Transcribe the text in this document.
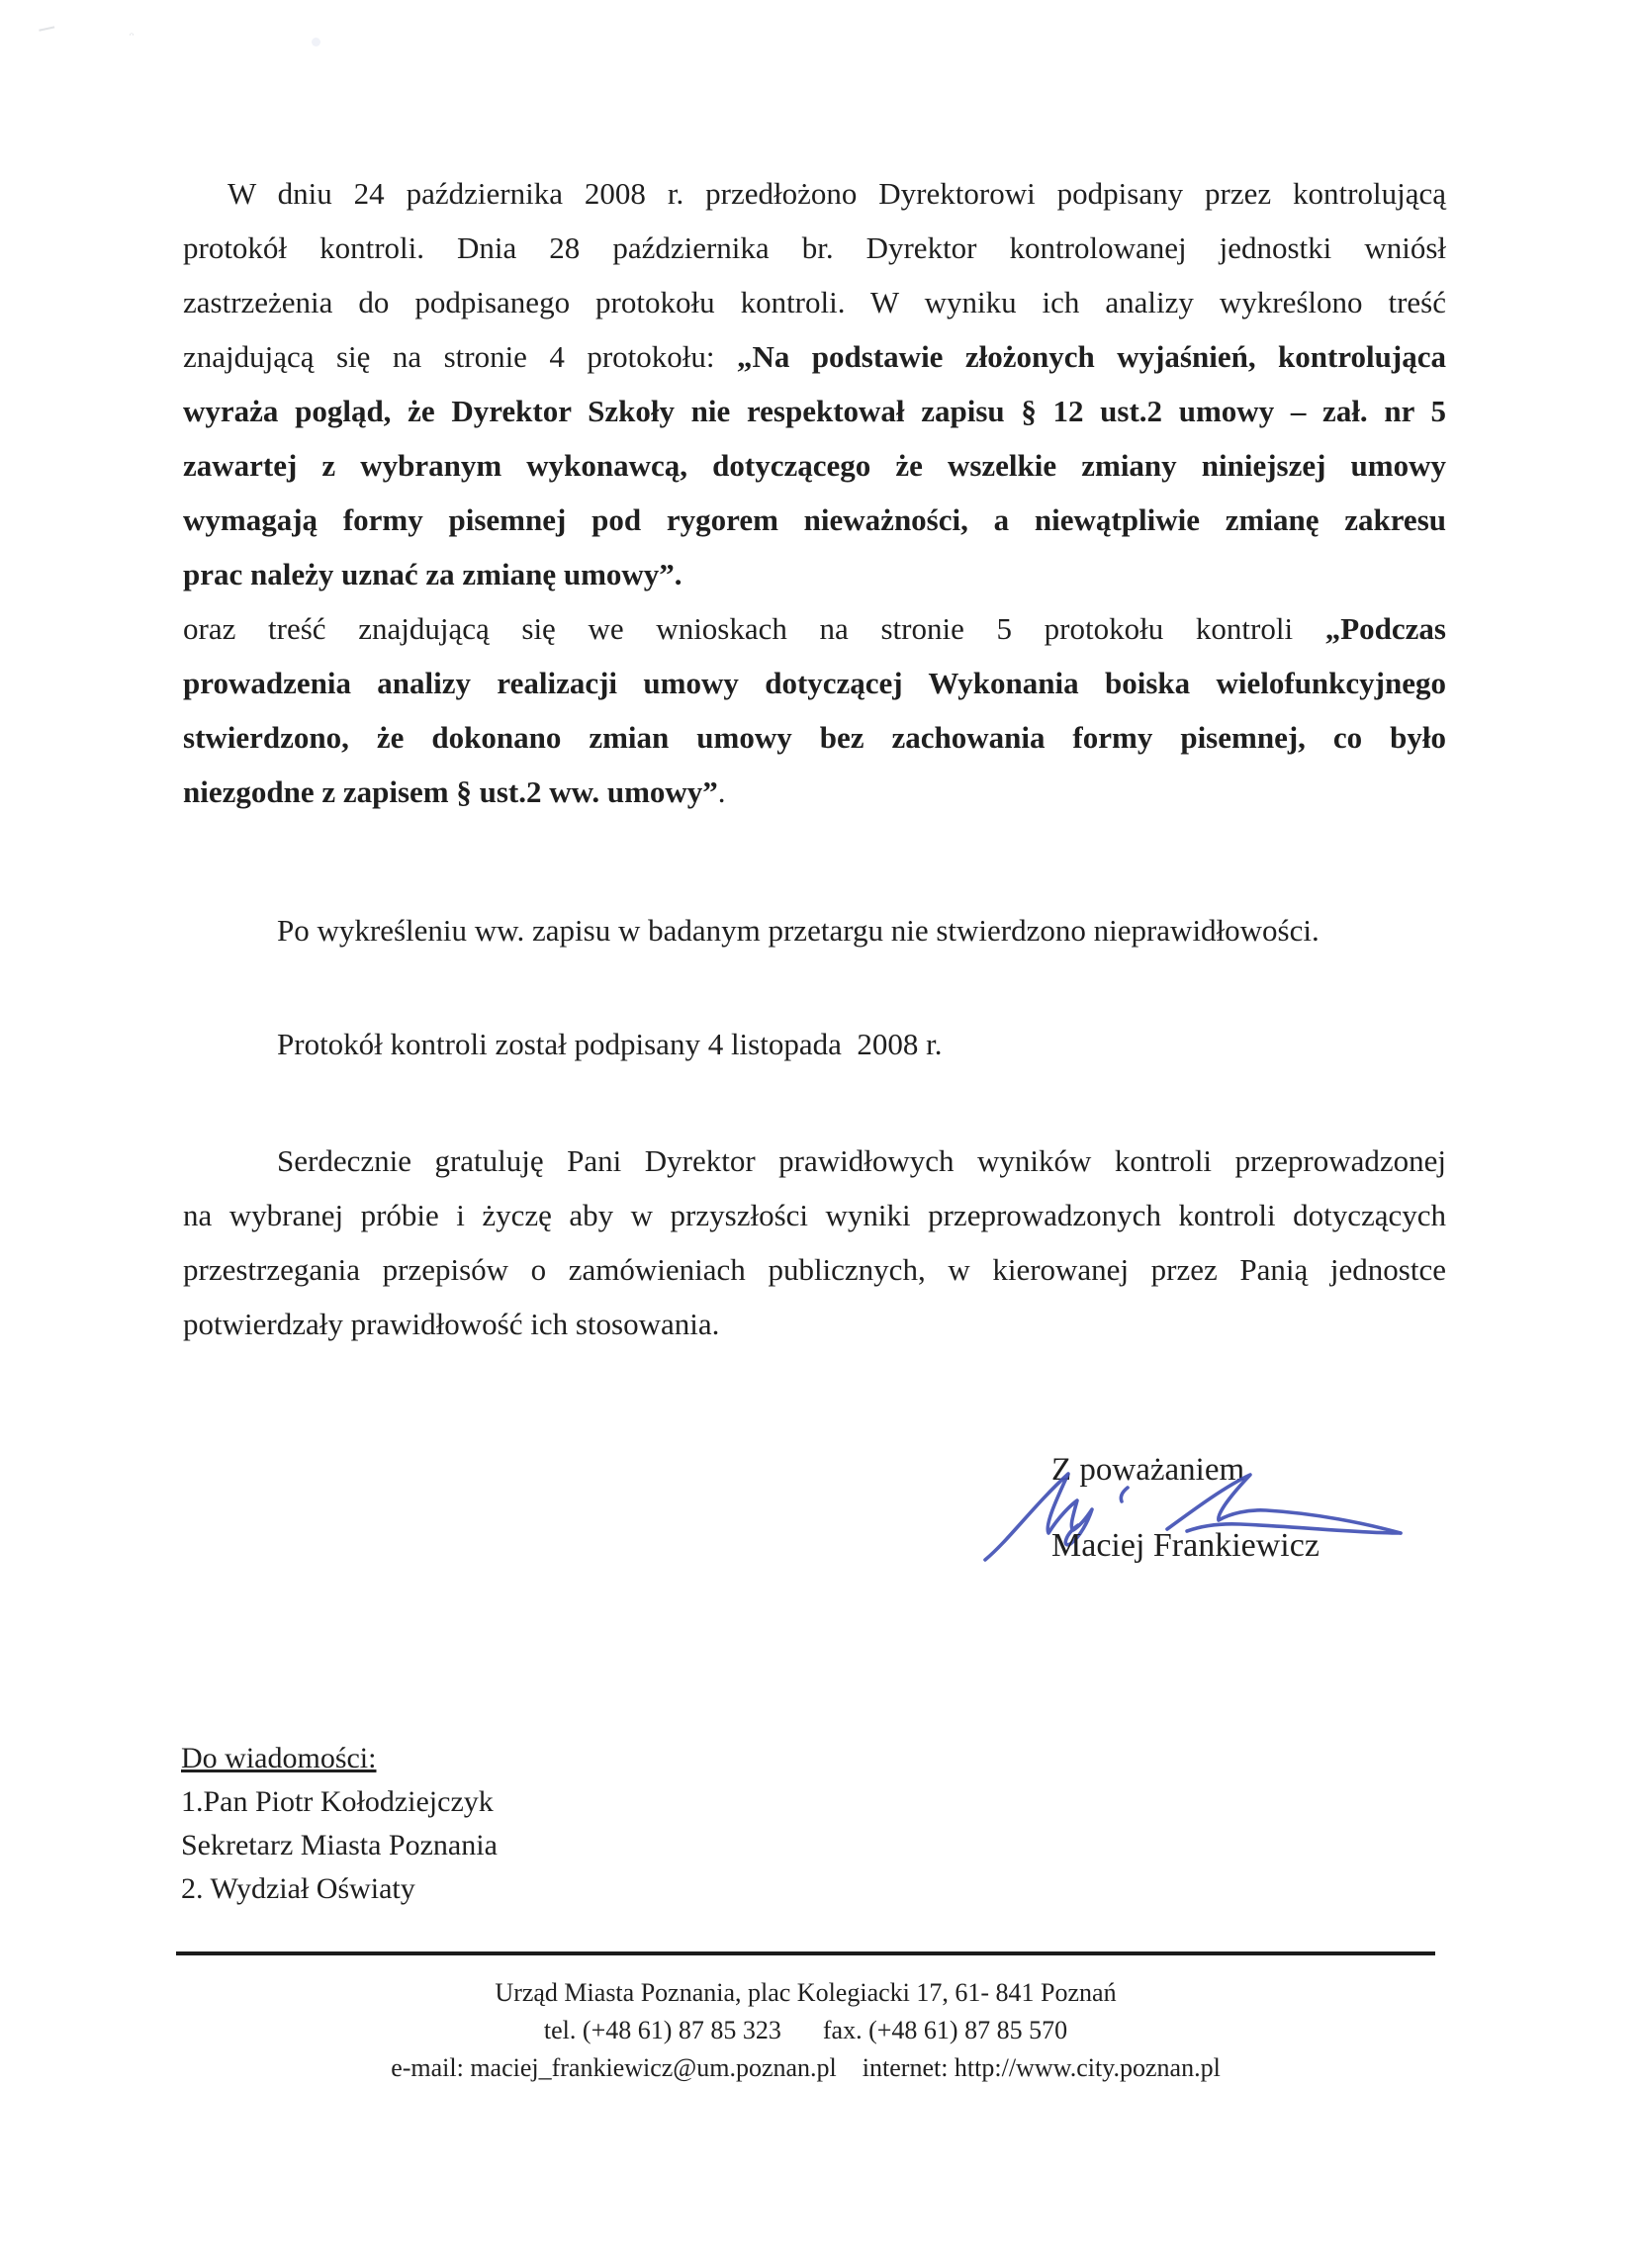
ᵔ
W dniu 24 października 2008 r. przedłożono Dyrektorowi podpisany przez kontrolującą
protokół kontroli. Dnia 28 października br. Dyrektor kontrolowanej jednostki wniósł
zastrzeżenia do podpisanego protokołu kontroli. W wyniku ich analizy wykreślono treść
znajdującą się na stronie 4 protokołu: „Na podstawie złożonych wyjaśnień, kontrolująca
wyraża pogląd, że Dyrektor Szkoły nie respektował zapisu § 12 ust.2 umowy – zał. nr 5
zawartej z wybranym wykonawcą, dotyczącego że wszelkie zmiany niniejszej umowy
wymagają formy pisemnej pod rygorem nieważności, a niewątpliwie zmianę zakresu
prac należy uznać za zmianę umowy”.
oraz treść znajdującą się we wnioskach na stronie 5 protokołu kontroli „Podczas
prowadzenia analizy realizacji umowy dotyczącej Wykonania boiska wielofunkcyjnego
stwierdzono, że dokonano zmian umowy bez zachowania formy pisemnej, co było
niezgodne z zapisem § ust.2 ww. umowy”.
Po wykreśleniu ww. zapisu w badanym przetargu nie stwierdzono nieprawidłowości.
Protokół kontroli został podpisany 4 listopada  2008 r.
Serdecznie gratuluję Pani Dyrektor prawidłowych wyników kontroli przeprowadzonej
na wybranej próbie i życzę aby w przyszłości wyniki przeprowadzonych kontroli dotyczących
przestrzegania przepisów o zamówieniach publicznych, w kierowanej przez Panią jednostce
potwierdzały prawidłowość ich stosowania.
Z poważaniem
Maciej Frankiewicz
Do wiadomości:
1.Pan Piotr Kołodziejczyk
Sekretarz Miasta Poznania
2. Wydział Oświaty
Urząd Miasta Poznania, plac Kolegiacki 17, 61- 841 Poznań
tel. (+48 61) 87 85 323 fax. (+48 61) 87 85 570
e-mail: maciej_frankiewicz@um.poznan.pl internet: http://www.city.poznan.pl
